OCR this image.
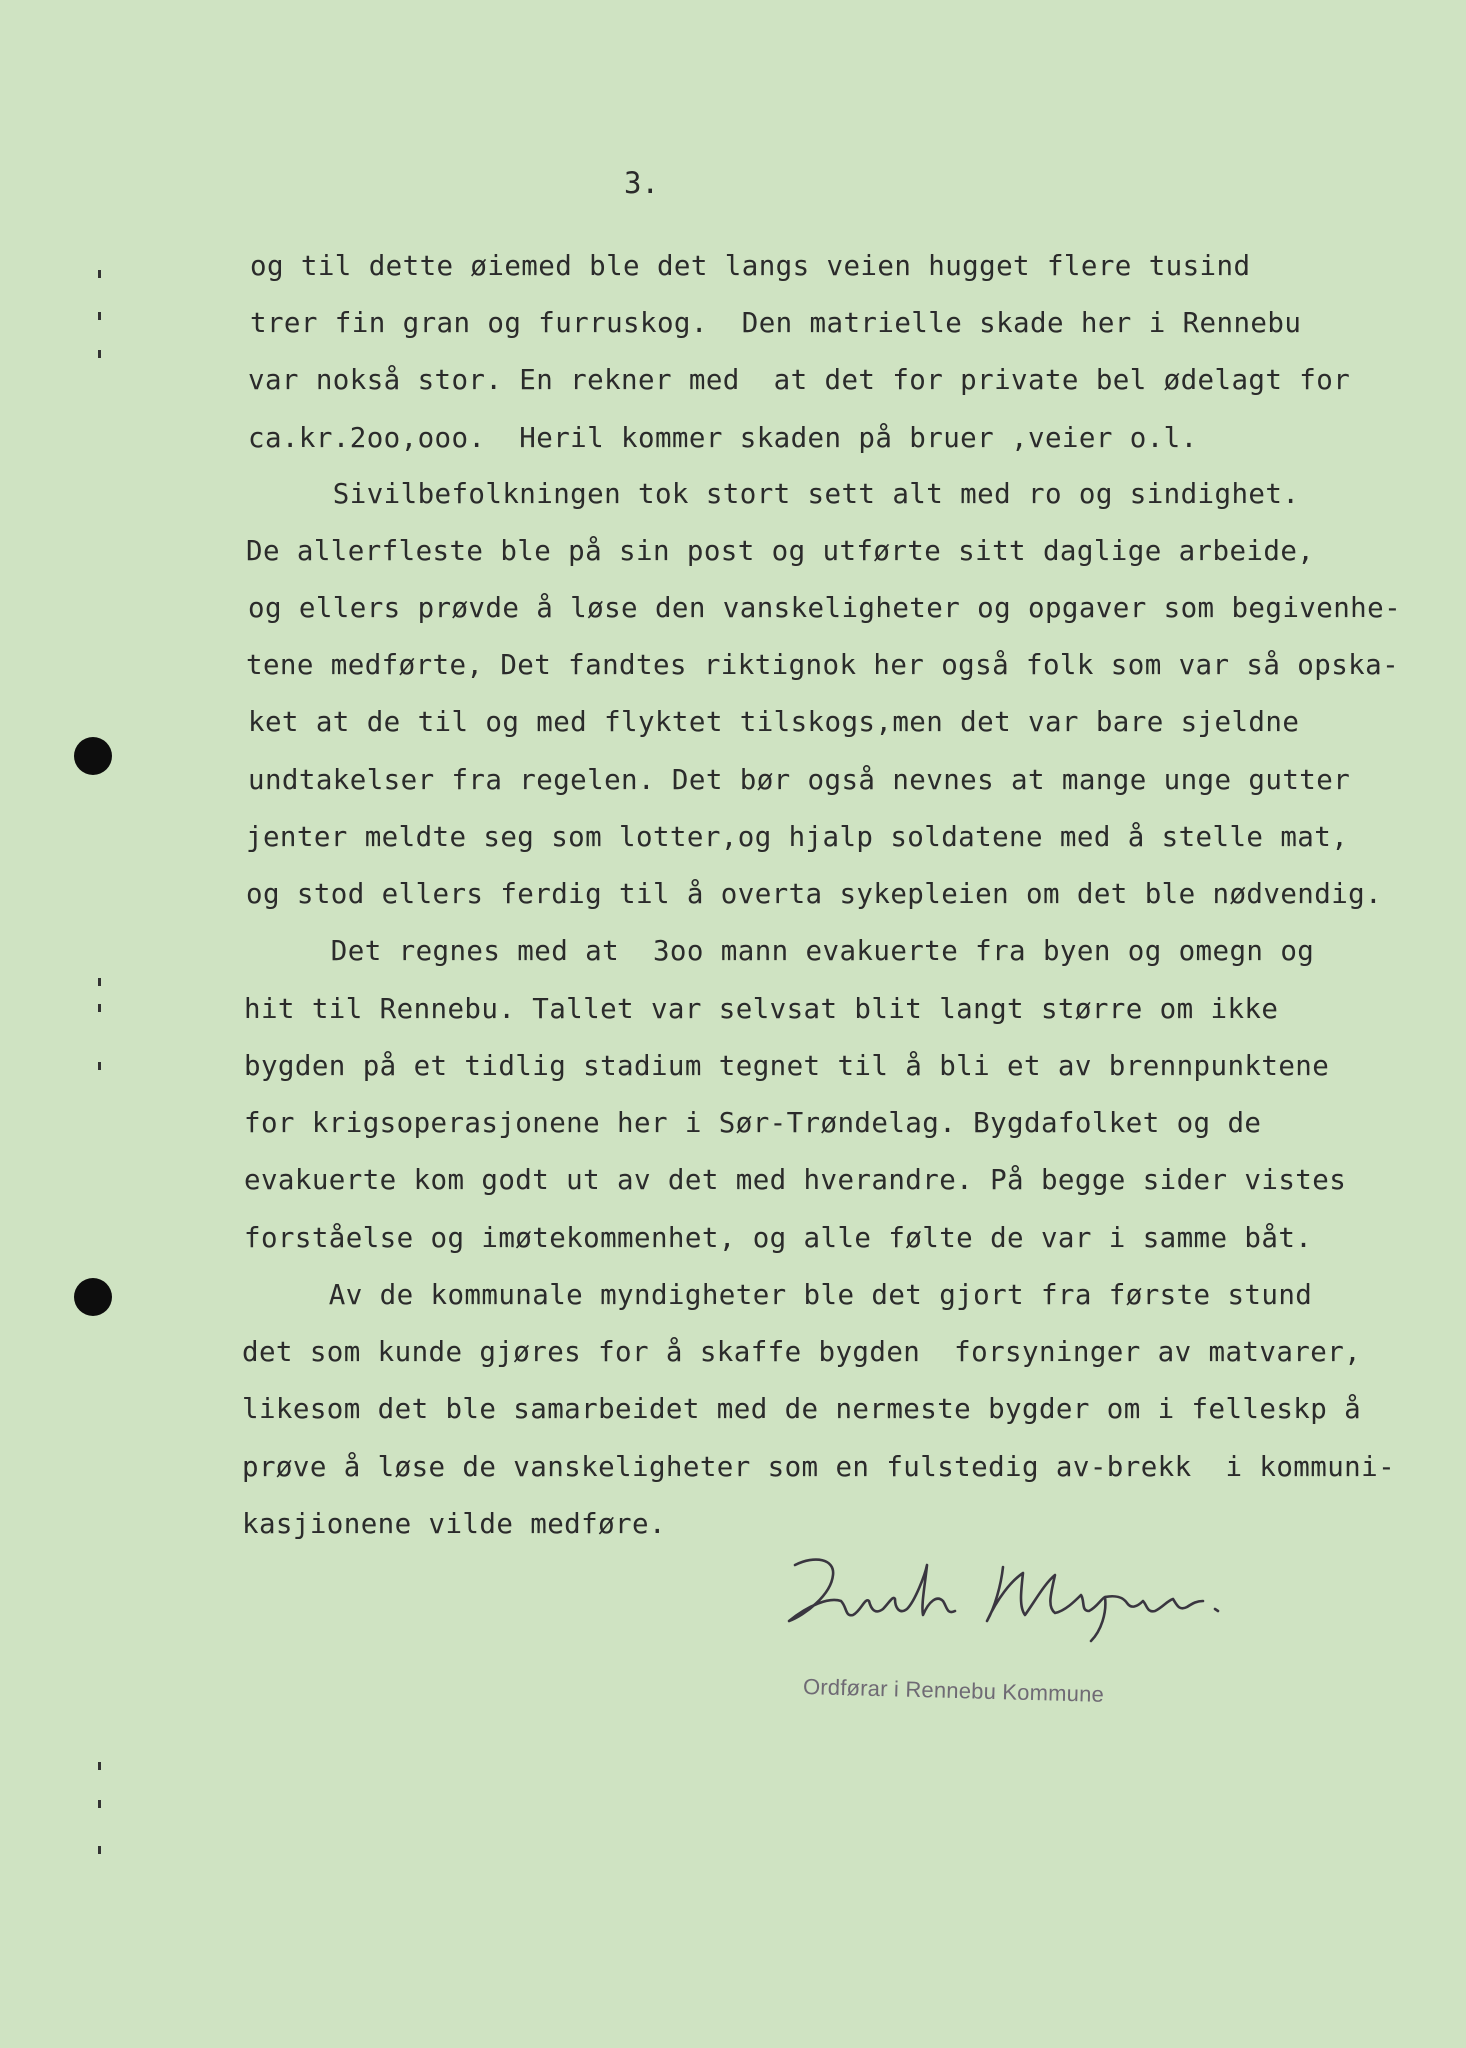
3.
og til dette øiemed ble det langs veien hugget flere tusind
trer fin gran og furruskog.  Den matrielle skade her i Rennebu
var nokså stor. En rekner med  at det for private bel ødelagt for
ca.kr.2oo,ooo.  Heril kommer skaden på bruer ,veier o.l.
Sivilbefolkningen tok stort sett alt med ro og sindighet.
De allerfleste ble på sin post og utførte sitt daglige arbeide,
og ellers prøvde å løse den vanskeligheter og opgaver som begivenhe-
tene medførte, Det fandtes riktignok her også folk som var så opska-
ket at de til og med flyktet tilskogs,men det var bare sjeldne
undtakelser fra regelen. Det bør også nevnes at mange unge gutter
jenter meldte seg som lotter,og hjalp soldatene med å stelle mat,
og stod ellers ferdig til å overta sykepleien om det ble nødvendig.
Det regnes med at  3oo mann evakuerte fra byen og omegn og
hit til Rennebu. Tallet var selvsat blit langt større om ikke
bygden på et tidlig stadium tegnet til å bli et av brennpunktene
for krigsoperasjonene her i Sør-Trøndelag. Bygdafolket og de
evakuerte kom godt ut av det med hverandre. På begge sider vistes
forståelse og imøtekommenhet, og alle følte de var i samme båt.
Av de kommunale myndigheter ble det gjort fra første stund
det som kunde gjøres for å skaffe bygden  forsyninger av matvarer,
likesom det ble samarbeidet med de nermeste bygder om i felleskp å
prøve å løse de vanskeligheter som en fulstedig av-brekk  i kommuni-
kasjionene vilde medføre.
Ordførar i Rennebu Kommune
